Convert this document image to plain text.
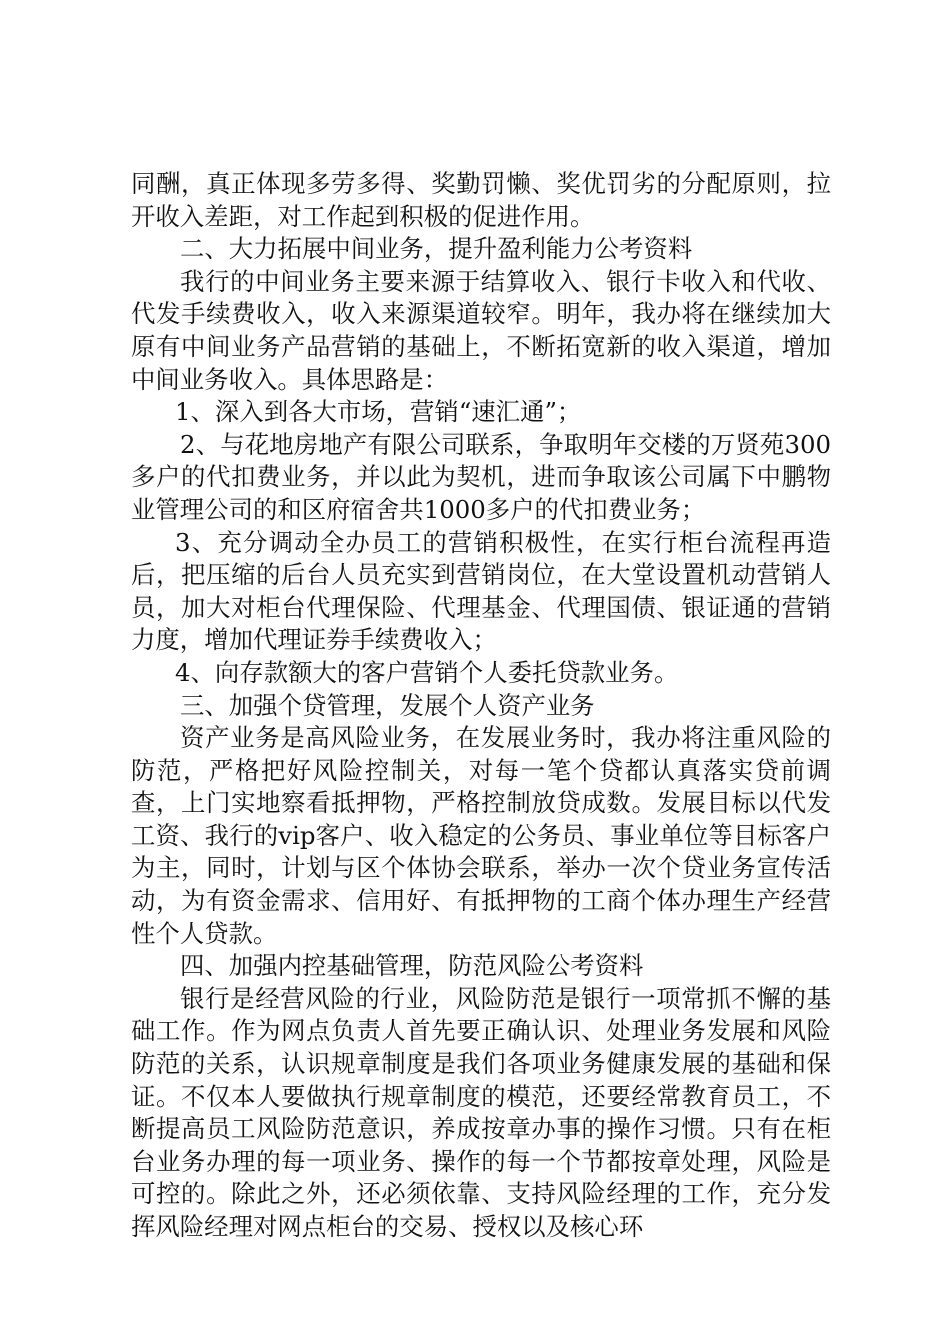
同酬，真正体现多劳多得、奖勤罚懒、奖优罚劣的分配原则，拉开收入差距，对工作起到积极的促进作用。

二、大力拓展中间业务，提升盈利能力公考资料

我行的中间业务主要来源于结算收入、银行卡收入和代收、代发手续费收入，收入来源渠道较窄。明年，我办将在继续加大原有中间业务产品营销的基础上，不断拓宽新的收入渠道，增加中间业务收入。具体思路是：

1、深入到各大市场，营销“速汇通”；

2、与花地房地产有限公司联系，争取明年交楼的万贤苑300多户的代扣费业务，并以此为契机，进而争取该公司属下中鹏物业管理公司的和区府宿舍共1000多户的代扣费业务；

3、充分调动全办员工的营销积极性，在实行柜台流程再造后，把压缩的后台人员充实到营销岗位，在大堂设置机动营销人员，加大对柜台代理保险、代理基金、代理国债、银证通的营销力度，增加代理证券手续费收入；

4、向存款额大的客户营销个人委托贷款业务。

三、加强个贷管理，发展个人资产业务

资产业务是高风险业务，在发展业务时，我办将注重风险的防范，严格把好风险控制关，对每一笔个贷都认真落实贷前调查，上门实地察看抵押物，严格控制放贷成数。发展目标以代发工资、我行的vip客户、收入稳定的公务员、事业单位等目标客户为主，同时，计划与区个体协会联系，举办一次个贷业务宣传活动，为有资金需求、信用好、有抵押物的工商个体办理生产经营性个人贷款。

四、加强内控基础管理，防范风险公考资料

银行是经营风险的行业，风险防范是银行一项常抓不懈的基础工作。作为网点负责人首先要正确认识、处理业务发展和风险防范的关系，认识规章制度是我们各项业务健康发展的基础和保证。不仅本人要做执行规章制度的模范，还要经常教育员工，不断提高员工风险防范意识，养成按章办事的操作习惯。只有在柜台业务办理的每一项业务、操作的每一个节都按章处理，风险是可控的。除此之外，还必须依靠、支持风险经理的工作，充分发挥风险经理对网点柜台的交易、授权以及核心环
